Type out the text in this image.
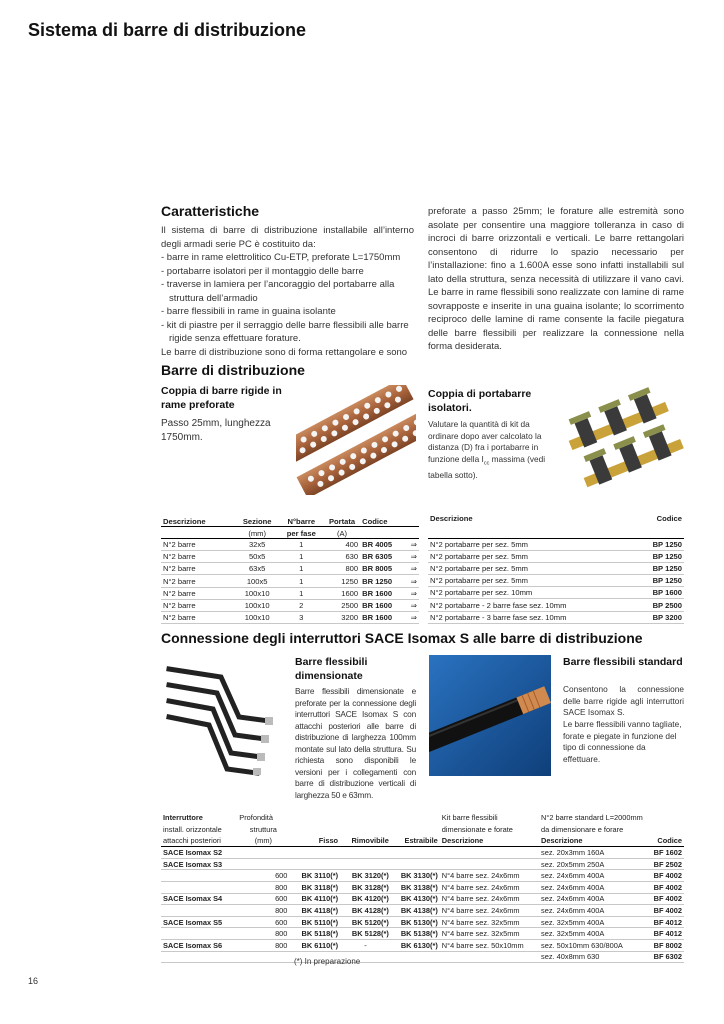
Sistema di barre di distribuzione
Caratteristiche
Il sistema di barre di distribuzione installabile all’interno degli armadi serie PC è costituito da:
- barre in rame elettrolitico Cu-ETP, preforate L=1750mm
- portabarre isolatori per il montaggio delle barre
- traverse in lamiera per l’ancoraggio del portabarre alla struttura dell’armadio
- barre flessibili in rame in guaina isolante
- kit di piastre per il serraggio delle barre flessibili alle barre rigide senza effettuare forature.
Le barre di distribuzione sono di forma rettangolare e sono
preforate a passo 25mm; le forature alle estremità sono asolate per consentire una maggiore tolleranza in caso di incroci di barre orizzontali e verticali. Le barre rettangolari consentono di ridurre lo spazio necessario per l’installazione: fino a 1.600A esse sono infatti installabili sul lato della struttura, senza necessità di utilizzare il vano cavi. Le barre in rame flessibili sono realizzate con lamine di rame sovrapposte e inserite in una guaina isolante; lo scorrimento reciproco delle lamine di rame consente la facile piegatura delle barre flessibili per realizzare la connessione nella forma desiderata.
Barre di distribuzione
Coppia di barre rigide in rame preforate
Passo 25mm, lunghezza 1750mm.
Coppia di portabarre isolatori.
Valutare la quantità di kit da ordinare dopo aver calcolato la distanza (D) fra i portabarre in funzione della $I_{cc}$ massima (vedi tabella sotto).
Descrizione	Sezione	N°barre	Portata	Codice
	(mm)	per fase	(A)	
N°2 barre	32x5	1	400	BR 4005 ⇒

N°2 barre	50x5	1	630	BR 6305 ⇒

N°2 barre	63x5	1	800	BR 8005 ⇒

N°2 barre	100x5	1	1250	BR 1250 ⇒

N°2 barre	100x10	1	1600	BR 1600 ⇒

N°2 barre	100x10	2	2500	BR 1600 ⇒

N°2 barre	100x10	3	3200	BR 1600 ⇒
Descrizione	Codice
N°2 portabarre per sez. 5mm	BP 1250
N°2 portabarre per sez. 5mm	BP 1250
N°2 portabarre per sez. 5mm	BP 1250
N°2 portabarre per sez. 5mm	BP 1250
N°2 portabarre per sez. 10mm	BP 1600
N°2 portabarre - 2 barre fase sez. 10mm	BP 2500
N°2 portabarre - 3 barre fase sez. 10mm	BP 3200
Connessione degli interruttori SACE Isomax S alle barre di distribuzione
Barre flessibili dimensionate
Barre flessibili dimensionate e preforate per la connessione degli interruttori SACE Isomax S con attacchi posteriori alle barre di distribuzione di larghezza 100mm montate sul lato della struttura. Su richiesta sono disponibili le versioni per i collegamenti con barre di distribuzione verticali di larghezza 50 e 63mm.
Barre flessibili standard
Consentono la connessione delle barre rigide agli interruttori SACE Isomax S.
Le barre flessibili vanno tagliate, forate e piegate in funzione del tipo di connessione da effettuare.
Interruttore	Profondità				Kit barre flessibili	N°2 barre standard L=2000mm	
install. orizzontale	struttura				dimensionate e forate	da dimensionare e forare	
attacchi posteriori	(mm)	Fisso	Rimovibile	Estraibile	Descrizione	Descrizione	Codice
SACE Isomax S2						sez. 20x3mm 160A	BF 1602
SACE Isomax S3						sez. 20x5mm 250A	BF 2502
	600	BK 3110(*)	BK 3120(*)	BK 3130(*)	N°4 barre sez. 24x6mm	sez. 24x6mm 400A	BF 4002
	800	BK 3118(*)	BK 3128(*)	BK 3138(*)	N°4 barre sez. 24x6mm	sez. 24x6mm 400A	BF 4002
SACE Isomax S4	600	BK 4110(*)	BK 4120(*)	BK 4130(*)	N°4 barre sez. 24x6mm	sez. 24x6mm 400A	BF 4002
	800	BK 4118(*)	BK 4128(*)	BK 4138(*)	N°4 barre sez. 24x6mm	sez. 24x6mm 400A	BF 4002
SACE Isomax S5	600	BK 5110(*)	BK 5120(*)	BK 5130(*)	N°4 barre sez. 32x5mm	sez. 32x5mm 400A	BF 4012
	800	BK 5118(*)	BK 5128(*)	BK 5138(*)	N°4 barre sez. 32x5mm	sez. 32x5mm 400A	BF 4012
SACE Isomax S6	800	BK 6110(*)	-	BK 6130(*)	N°4 barre sez. 50x10mm	sez. 50x10mm 630/800A	BF 8002
						sez. 40x8mm 630	BF 6302
(*) In preparazione
16
